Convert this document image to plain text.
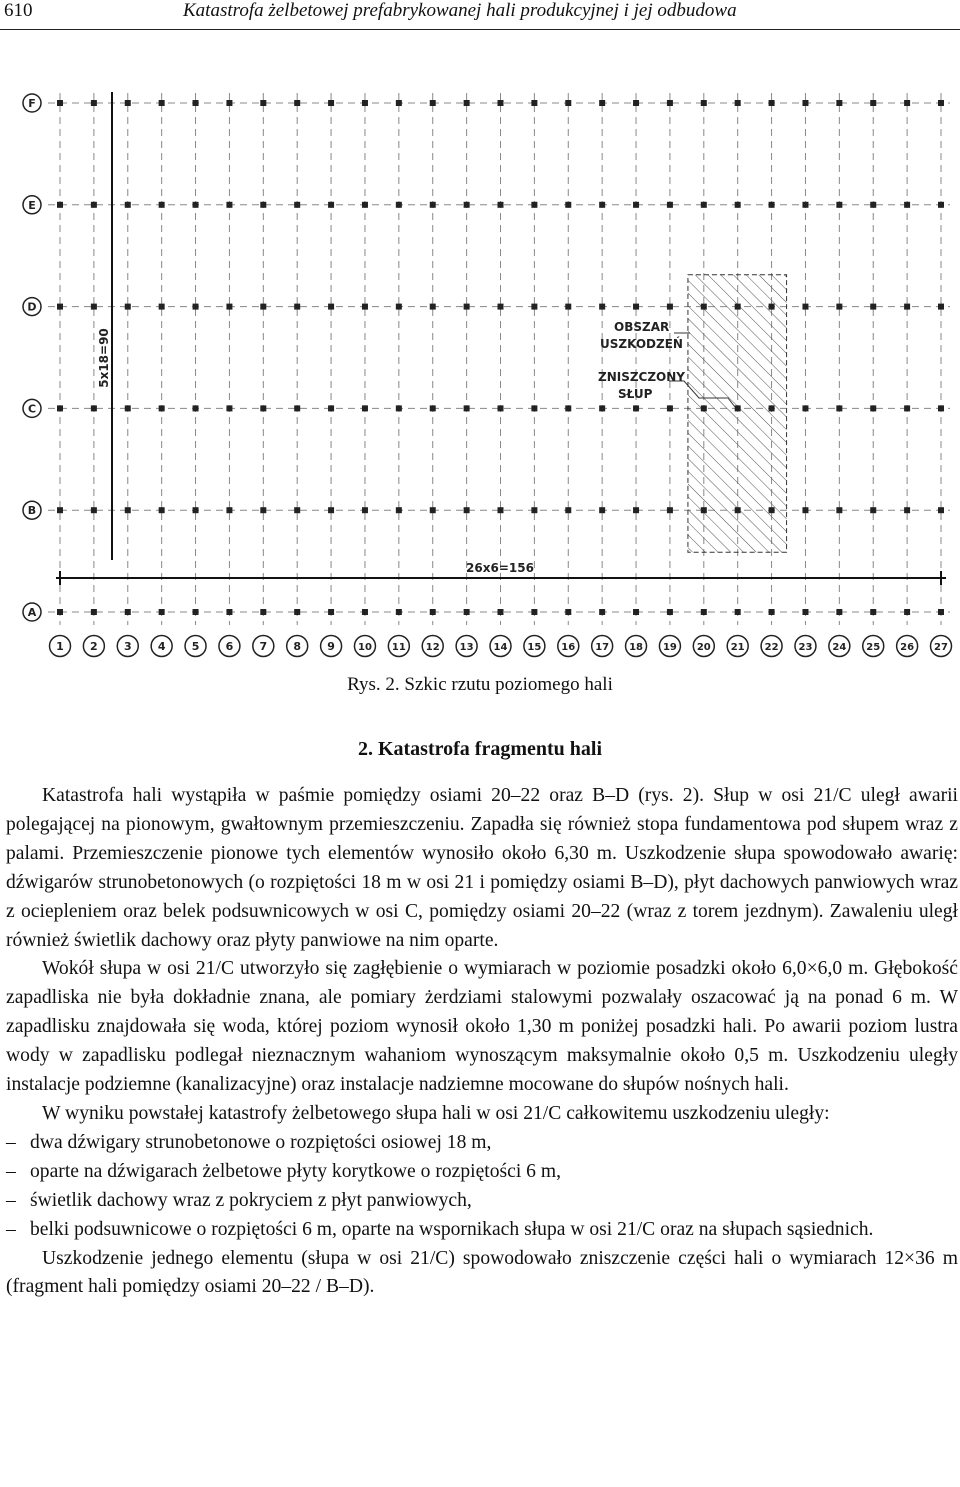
610	Katastrofa żelbetowej prefabrykowanej hali produkcyjnej i jej odbudowa
26x6=156
5x18=90
OBSZAR
USZKODZEŃ
ZNISZCZONY
SŁUP
F
E
D
C
B
A
1 2 3 4 5 6 7 8 9 10 11 12 13 14 15 16 17 18 19 20 21 22 23 24 25 26 27
Rys. 2. Szkic rzutu poziomego hali
2. Katastrofa fragmentu hali

Katastrofa hali wystąpiła w paśmie pomiędzy osiami 20–22 oraz B–D (rys. 2). Słup w osi 21/C uległ awarii polegającej na pionowym, gwałtownym przemieszczeniu. Zapadła się również stopa fundamentowa pod słupem wraz z palami. Przemieszczenie pionowe tych elementów wynosiło około 6,30 m. Uszkodzenie słupa spowodowało awarię: dźwigarów strunobetonowych (o rozpiętości 18 m w osi 21 i pomiędzy osiami B–D), płyt dachowych panwiowych wraz z ociepleniem oraz belek podsuwnicowych w osi C, pomiędzy osiami 20–22 (wraz z torem jezdnym). Zawaleniu uległ również świetlik dachowy oraz płyty panwiowe na nim oparte.

Wokół słupa w osi 21/C utworzyło się zagłębienie o wymiarach w poziomie posadzki około 6,0×6,0 m. Głębokość zapadliska nie była dokładnie znana, ale pomiary żerdziami stalowymi pozwalały oszacować ją na ponad 6 m. W zapadlisku znajdowała się woda, której poziom wynosił około 1,30 m poniżej posadzki hali. Po awarii poziom lustra wody w zapadlisku podlegał nieznacznym wahaniom wynoszącym maksymalnie około 0,5 m. Uszkodzeniu uległy instalacje podziemne (kanalizacyjne) oraz instalacje nadziemne mocowane do słupów nośnych hali.

W wyniku powstałej katastrofy żelbetowego słupa hali w osi 21/C całkowitemu uszkodzeniu uległy:

– dwa dźwigary strunobetonowe o rozpiętości osiowej 18 m,
– oparte na dźwigarach żelbetowe płyty korytkowe o rozpiętości 6 m,
– świetlik dachowy wraz z pokryciem z płyt panwiowych,
– belki podsuwnicowe o rozpiętości 6 m, oparte na wspornikach słupa w osi 21/C oraz na słupach sąsiednich.

Uszkodzenie jednego elementu (słupa w osi 21/C) spowodowało zniszczenie części hali o wymiarach 12×36 m (fragment hali pomiędzy osiami 20–22 / B–D).
